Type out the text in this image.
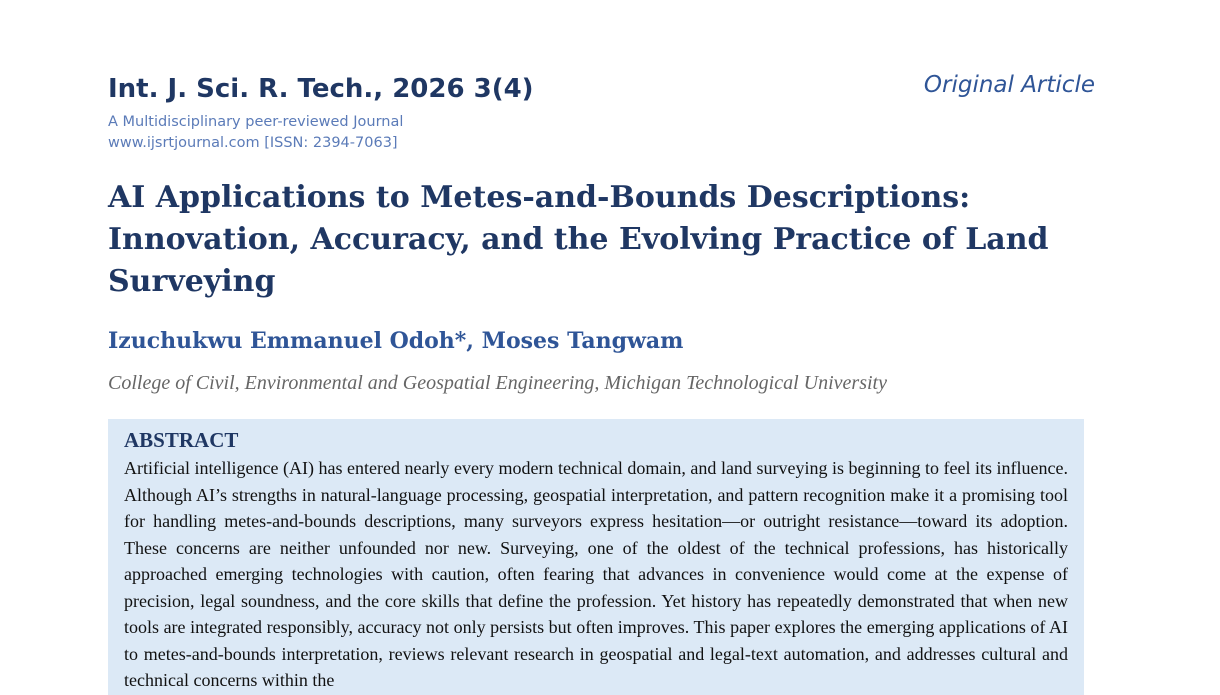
Int. J. Sci. R. Tech., 2026 3(4)	Original Article
A Multidisciplinary peer-reviewed Journal
www.ijsrtjournal.com [ISSN: 2394-7063]
AI Applications to Metes-and-Bounds Descriptions: Innovation, Accuracy, and the Evolving Practice of Land Surveying
Izuchukwu Emmanuel Odoh*, Moses Tangwam
College of Civil, Environmental and Geospatial Engineering, Michigan Technological University
ABSTRACT

Artificial intelligence (AI) has entered nearly every modern technical domain, and land surveying is beginning to feel its influence. Although AI’s strengths in natural-language processing, geospatial interpretation, and pattern recognition make it a promising tool for handling metes-and-bounds descriptions, many surveyors express hesitation—or outright resistance—toward its adoption. These concerns are neither unfounded nor new. Surveying, one of the oldest of the technical professions, has historically approached emerging technologies with caution, often fearing that advances in convenience would come at the expense of precision, legal soundness, and the core skills that define the profession. Yet history has repeatedly demonstrated that when new tools are integrated responsibly, accuracy not only persists but often improves. This paper explores the emerging applications of AI to metes-and-bounds interpretation, reviews relevant research in geospatial and legal-text automation, and addresses cultural and technical concerns within the
